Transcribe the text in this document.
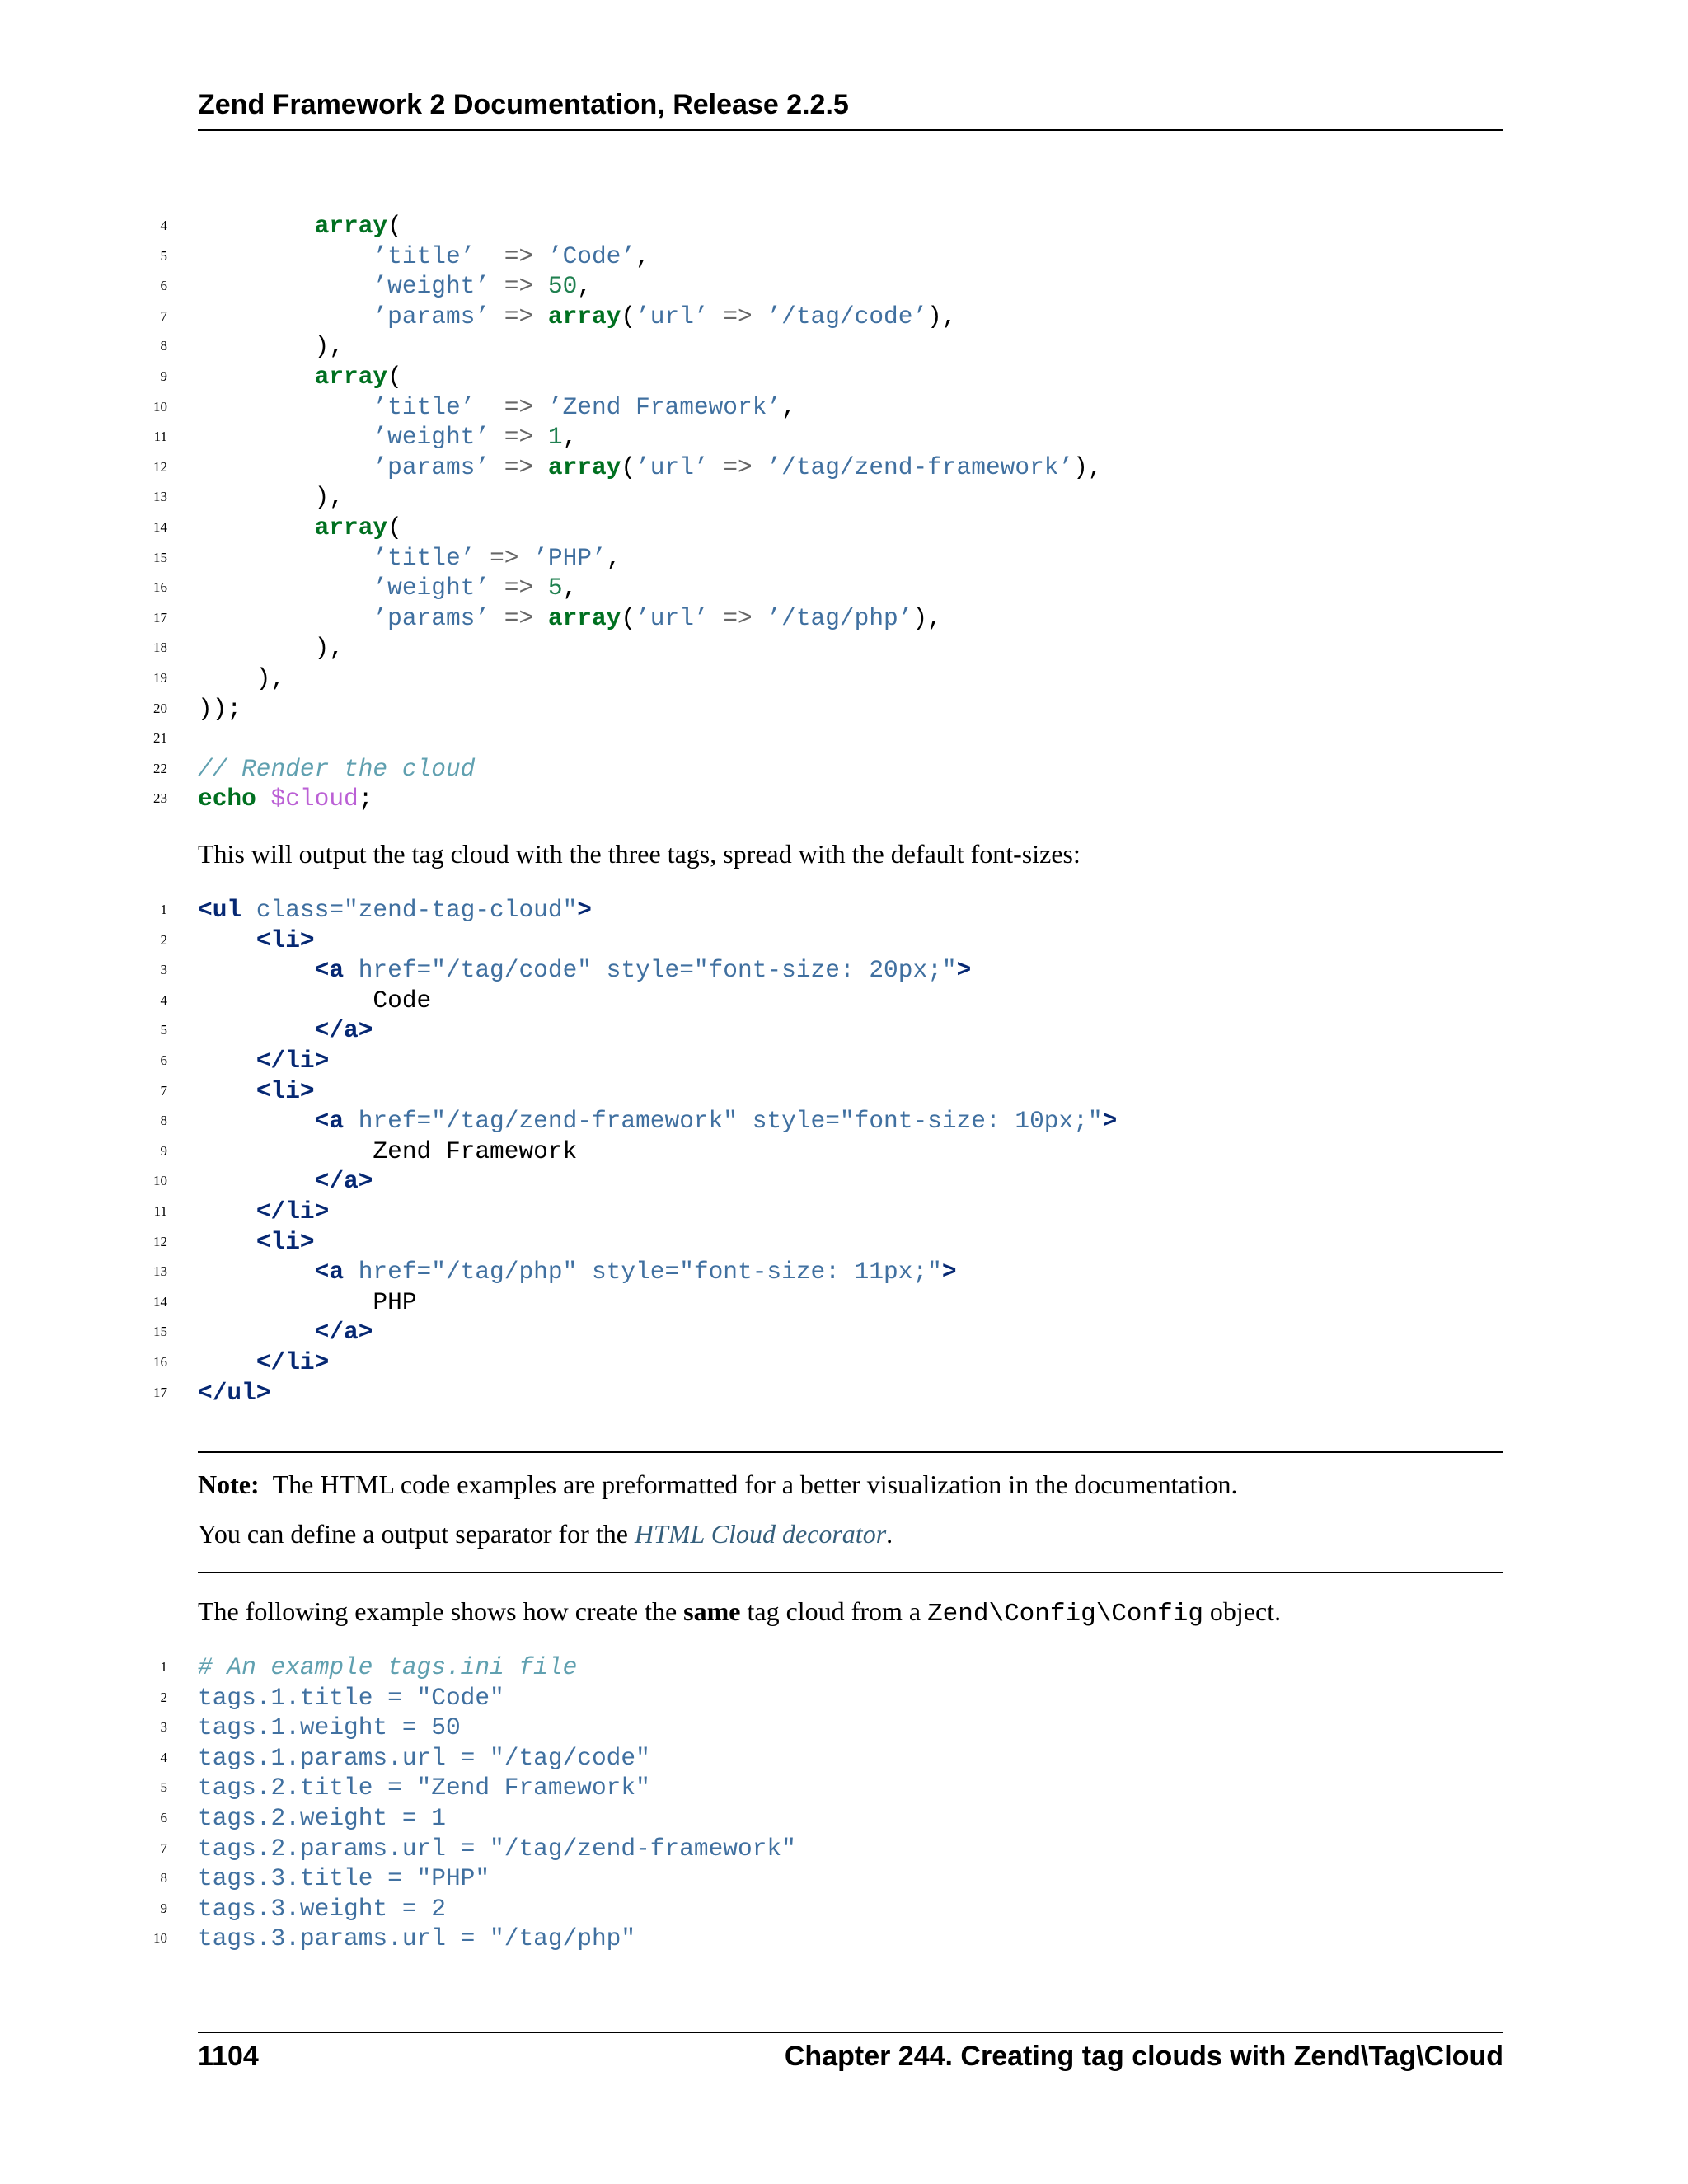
Zend Framework 2 Documentation, Release 2.2.5
4	array(
5	’title’ => ’Code’,
6	’weight’ => 50,
7	’params’ => array(’url’ => ’/tag/code’),
8 ),
9	array(
10	’title’ => ’Zend Framework’,
11	’weight’ => 1,
12	’params’ => array(’url’ => ’/tag/zend-framework’),
13 ),
14	array(
15	’title’ => ’PHP’,
16	’weight’ => 5,
17	’params’ => array(’url’ => ’/tag/php’),
18 ),
19 ),
20 ));
21
22 // Render the cloud
23 echo $cloud;
This will output the tag cloud with the three tags, spread with the default font-sizes:
1 <ul class="zend-tag-cloud">
2	<li>
3	<a href="/tag/code" style="font-size: 20px;">
4 Code
5	</a>
6	</li>
7	<li>
8	<a href="/tag/zend-framework" style="font-size: 10px;">
9 Zend Framework
10	</a>
11	</li>
12	<li>
13	<a href="/tag/php" style="font-size: 11px;">
14 PHP
15	</a>
16	</li>
17 </ul>
Note: The HTML code examples are preformatted for a better visualization in the documentation.
You can define a output separator for the HTML Cloud decorator.
The following example shows how create the same tag cloud from a Zend\Config\Config object.
1 # An example tags.ini file
2 tags.1.title = "Code"
3 tags.1.weight = 50
4 tags.1.params.url = "/tag/code"
5 tags.2.title = "Zend Framework"
6 tags.2.weight = 1
7 tags.2.params.url = "/tag/zend-framework"
8 tags.3.title = "PHP"
9 tags.3.weight = 2
10 tags.3.params.url = "/tag/php"
1104	Chapter 244. Creating tag clouds with Zend\Tag\Cloud
